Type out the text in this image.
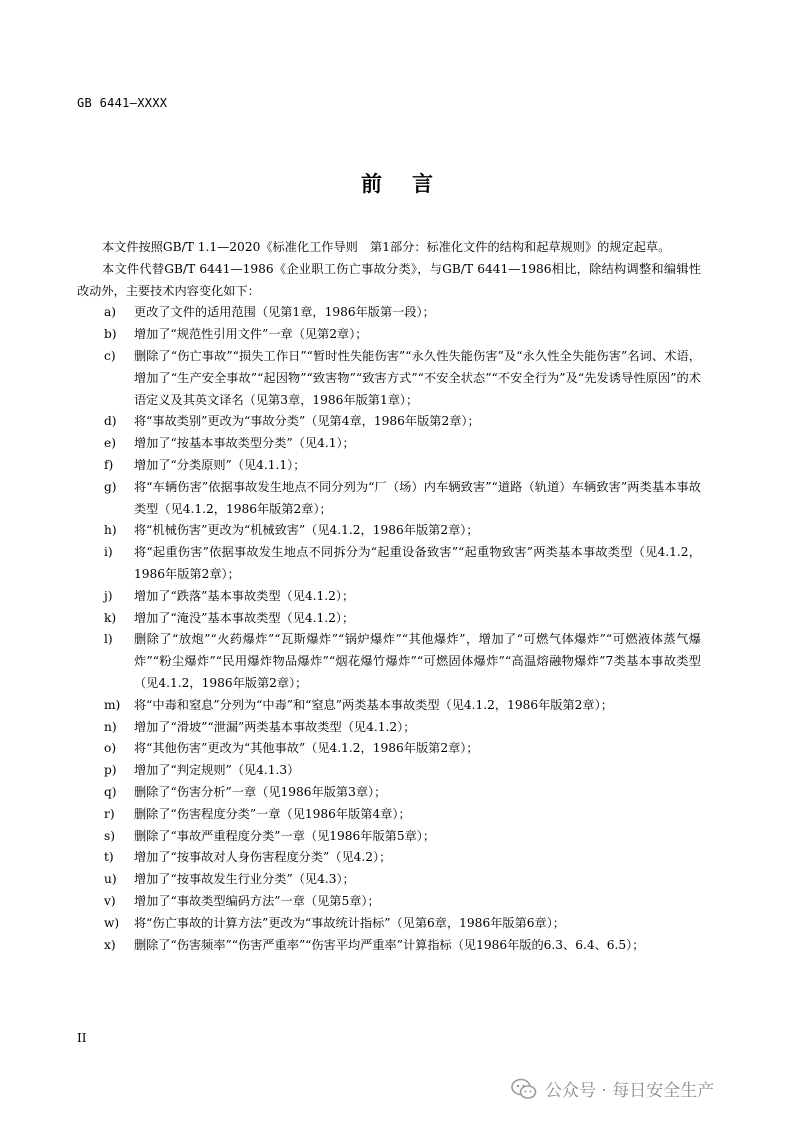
GB 6441—XXXX
前 言

本文件按照GB/T 1.1—2020《标准化工作导则　第1部分：标准化文件的结构和起草规则》的规定起草。

本文件代替GB/T 6441—1986《企业职工伤亡事故分类》，与GB/T 6441—1986相比，除结构调整和编辑性改动外，主要技术内容变化如下：

a)	更改了文件的适用范围（见第1章，1986年版第一段）；
b)	增加了“规范性引用文件”一章（见第2章）；
c)	删除了“伤亡事故”“损失工作日”“暂时性失能伤害”“永久性失能伤害”及“永久性全失能伤害”名词、术语，增加了“生产安全事故”“起因物”“致害物”“致害方式”“不安全状态”“不安全行为”及“先发诱导性原因”的术语定义及其英文译名（见第3章，1986年版第1章）；
d)	将“事故类别”更改为“事故分类”（见第4章，1986年版第2章）；
e)	增加了“按基本事故类型分类”（见4.1）；
f)	增加了“分类原则”（见4.1.1）；
g)	将“车辆伤害”依据事故发生地点不同分列为“厂（场）内车辆致害”“道路（轨道）车辆致害”两类基本事故类型（见4.1.2，1986年版第2章）；
h)	将“机械伤害”更改为“机械致害”（见4.1.2，1986年版第2章）；
i)	将“起重伤害”依据事故发生地点不同拆分为“起重设备致害”“起重物致害”两类基本事故类型（见4.1.2，1986年版第2章）；
j)	增加了“跌落”基本事故类型（见4.1.2）；
k)	增加了“淹没”基本事故类型（见4.1.2）；
l)	删除了“放炮”“火药爆炸”“瓦斯爆炸”“锅炉爆炸”“其他爆炸”，增加了“可燃气体爆炸”“可燃液体蒸气爆炸”“粉尘爆炸”“民用爆炸物品爆炸”“烟花爆竹爆炸”“可燃固体爆炸”“高温熔融物爆炸”7类基本事故类型（见4.1.2，1986年版第2章）；
m)	将“中毒和窒息”分列为“中毒”和“窒息”两类基本事故类型（见4.1.2，1986年版第2章）；
n)	增加了“滑坡”“泄漏”两类基本事故类型（见4.1.2）；
o)	将“其他伤害”更改为“其他事故”（见4.1.2，1986年版第2章）；
p)	增加了“判定规则”（见4.1.3）
q)	删除了“伤害分析”一章（见1986年版第3章）；
r)	删除了“伤害程度分类”一章（见1986年版第4章）；
s)	删除了“事故严重程度分类”一章（见1986年版第5章）；
t)	增加了“按事故对人身伤害程度分类”（见4.2）；
u)	增加了“按事故发生行业分类”（见4.3）；
v)	增加了“事故类型编码方法”一章（见第5章）；
w)	将“伤亡事故的计算方法”更改为“事故统计指标”（见第6章，1986年版第6章）；
x)	删除了“伤害频率”“伤害严重率”“伤害平均严重率”计算指标（见1986年版的6.3、6.4、6.5）；
II
公众号 · 每日安全生产
